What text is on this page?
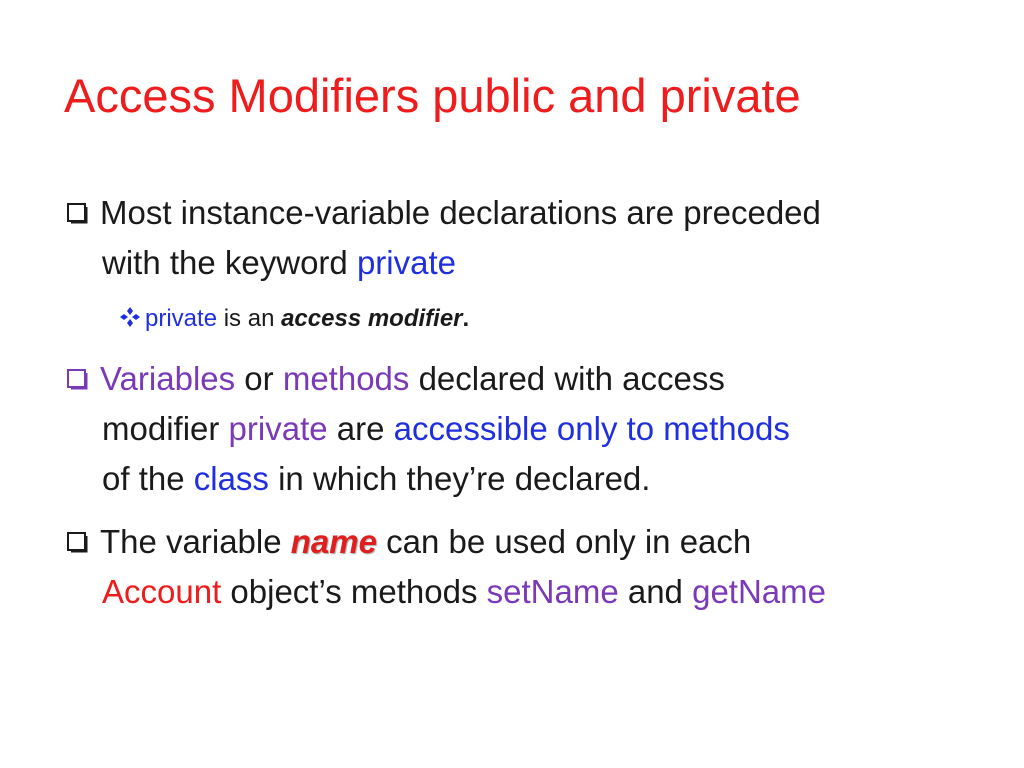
Access Modifiers public and private
Most instance-variable declarations are preceded
with the keyword private
private is an access modifier.
Variables or methods declared with access
modifier private are accessible only to methods
of the class in which they’re declared.
The variable name can be used only in each
Account object’s methods setName and getName
